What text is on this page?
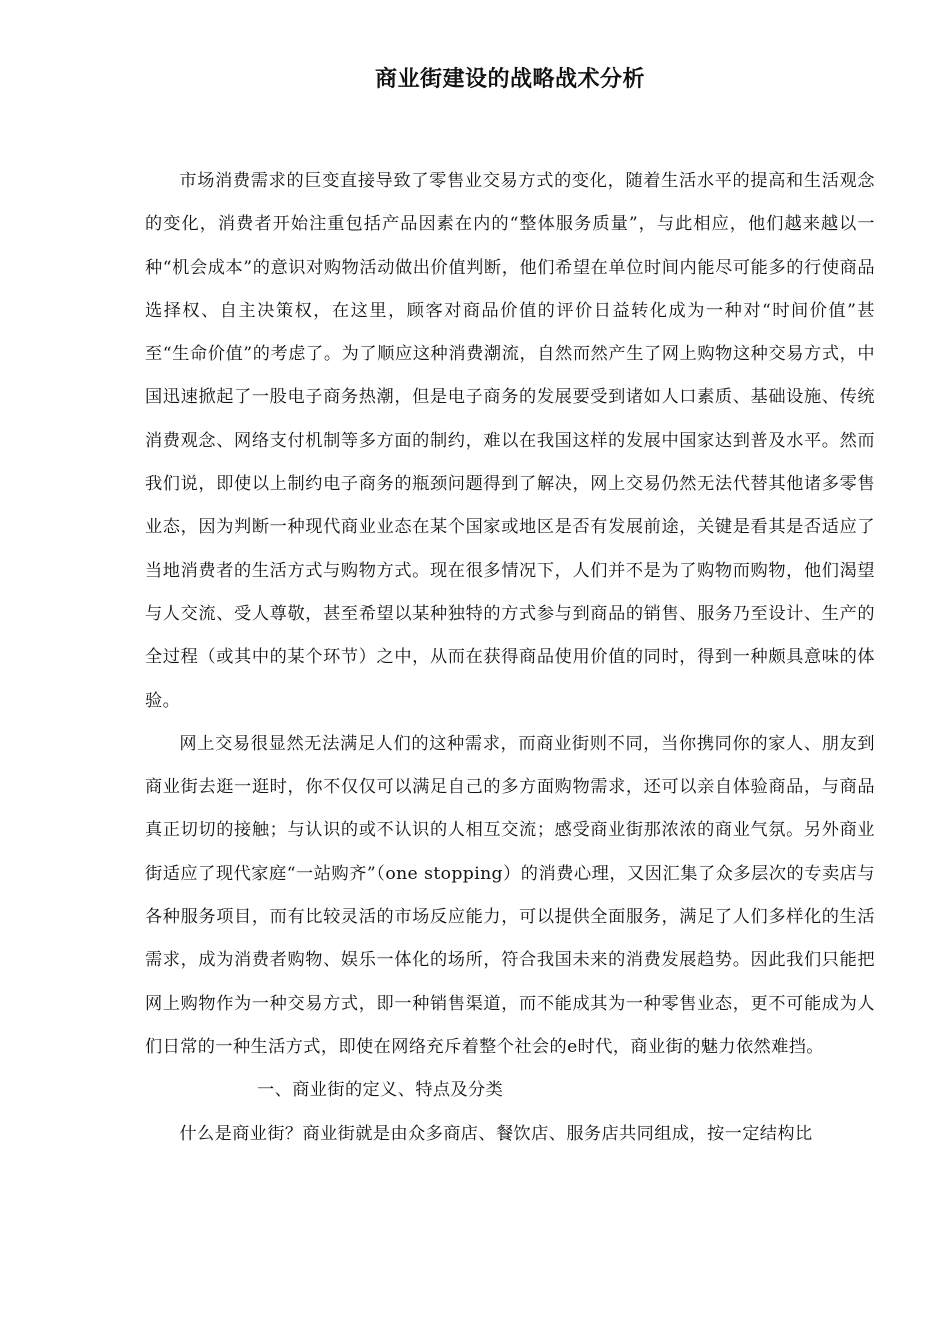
商业街建设的战略战术分析

市场消费需求的巨变直接导致了零售业交易方式的变化，随着生活水平的提高和生活观念的变化，消费者开始注重包括产品因素在内的“整体服务质量”，与此相应，他们越来越以一种“机会成本”的意识对购物活动做出价值判断，他们希望在单位时间内能尽可能多的行使商品选择权、自主决策权，在这里，顾客对商品价值的评价日益转化成为一种对“时间价值”甚至“生命价值”的考虑了。为了顺应这种消费潮流，自然而然产生了网上购物这种交易方式，中国迅速掀起了一股电子商务热潮，但是电子商务的发展要受到诸如人口素质、基础设施、传统消费观念、网络支付机制等多方面的制约，难以在我国这样的发展中国家达到普及水平。然而我们说，即使以上制约电子商务的瓶颈问题得到了解决，网上交易仍然无法代替其他诸多零售业态，因为判断一种现代商业业态在某个国家或地区是否有发展前途，关键是看其是否适应了当地消费者的生活方式与购物方式。现在很多情况下，人们并不是为了购物而购物，他们渴望与人交流、受人尊敬，甚至希望以某种独特的方式参与到商品的销售、服务乃至设计、生产的全过程（或其中的某个环节）之中，从而在获得商品使用价值的同时，得到一种颇具意味的体验。

网上交易很显然无法满足人们的这种需求，而商业街则不同，当你携同你的家人、朋友到商业街去逛一逛时，你不仅仅可以满足自己的多方面购物需求，还可以亲自体验商品，与商品真正切切的接触；与认识的或不认识的人相互交流；感受商业街那浓浓的商业气氛。另外商业街适应了现代家庭“一站购齐”（one stopping）的消费心理，又因汇集了众多层次的专卖店与各种服务项目，而有比较灵活的市场反应能力，可以提供全面服务，满足了人们多样化的生活需求，成为消费者购物、娱乐一体化的场所，符合我国未来的消费发展趋势。因此我们只能把网上购物作为一种交易方式，即一种销售渠道，而不能成其为一种零售业态，更不可能成为人们日常的一种生活方式，即使在网络充斥着整个社会的e时代，商业街的魅力依然难挡。

一、商业街的定义、特点及分类

什么是商业街？商业街就是由众多商店、餐饮店、服务店共同组成，按一定结构比
